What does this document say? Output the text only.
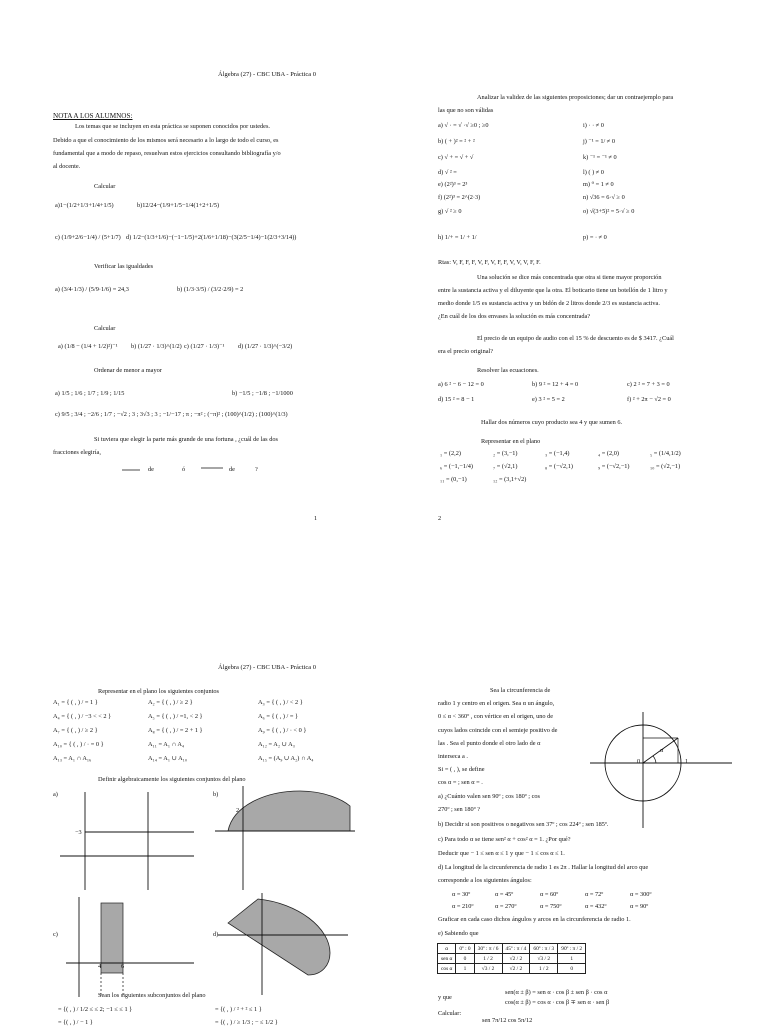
Álgebra (27) - CBC UBA - Práctica 0
NOTA A LOS ALUMNOS:
Los temas que se incluyen en esta práctica se suponen conocidos por ustedes.
Debido a que el conocimiento de los mismos será necesario a lo largo de todo el curso, es
fundamental que a modo de repaso, resuelvan estos ejercicios consultando bibliografía y/o
al docente.
Calcular
a)1−(1/2+1/3+1/4+1/5)	b)12/24−(1/9+1/5−1/4(1+2+1/5)
c) (1/9+2/6−1/4) / (5+1/7) d) 1/2−(1/3+1/6)−(−1−1/5)+2(1/6+1/18)−(3(2/5−1/4)−1(2/3+3/14))
Verificar las igualdades
a) (3/4·1/3) / (5/9·1/6) = 24,3	b) (1/3·3/5) / (3/2·2/9) = 2
Calcular
a) (1/8 − (1/4 + 1/2)²)⁻¹ b) (1/27 · 1/3)^(1/2) c) (1/27 · 1/3)⁻¹ d) (1/27 · 1/3)^(−3/2)
Ordenar de menor a mayor
a) 1/5 ; 1/6 ; 1/7 ; 1/9 ; 1/15	b) −1/5 ; −1/8 ; −1/1000
c) 9/5 ; 3/4 ; −2/6 ; 1/7 ; −√2 ; 3 ; 3√3 ; 3 ; −1/−17 ; π ; −π² ; (−π)² ; (100)^(1/2) ; (100)^(1/3)
Si tuviera que elegir la parte más grande de una fortuna , ¿cuál de las dos
fracciones elegiría,
de	ó	de	?
1
Analizar la validez de las siguientes proposiciones; dar un contraejemplo para
las que no son válidas
a) √ · = √ ·√ ≥0 ; ≥0
b) ( + )² = ² + ²
c) √ + = √ + √
d) √ ² =
e) (2²)³ = 2³
f) (2²)³ = 2^(2·3)
g) √ ² ≥ 0
h) 1/+ = 1/ + 1/
i) · · ≠ 0
j) ⁻¹ = 1/ ≠ 0
k) ⁻¹ = ⁻¹ ≠ 0
l) ( ) ≠ 0
m) ⁰ = 1 ≠ 0
n) √36 = 6·√ ≥ 0
o) √(3+5)² = 5·√ ≥ 0
p) = · ≠ 0
Rtas: V, F, F, F, V, F, V, F, F, V, V, V, F, F.
Una solución se dice más concentrada que otra si tiene mayor proporción
entre la sustancia activa y el diluyente que la otra. El boticario tiene un botellón de 1 litro y
medio donde 1/5 es sustancia activa y un bidón de 2 litros donde 2/3 es sustancia activa.
¿En cuál de los dos envases la solución es más concentrada?
El precio de un equipo de audio con el 15 % de descuento es de $ 3417. ¿Cuál
era el precio original?
Resolver las ecuaciones.
a) 6 ² − 6 − 12 = 0	b) 9 ² = 12 + 4 = 0	c) 2 ² = 7 + 3 = 0
d) 15 ² = 8 − 1	e) 3 ² = 5 = 2	f) ² + 2π − √2 = 0
Hallar dos números cuyo producto sea 4 y que sumen 6.
Representar en el plano
₁ = (2,2)	₂ = (3,−1)	₃ = (−1,4)	₄ = (2,0)	₅ = (1/4,1/2)
₆ = (−1,−1/4)	₇ = (√2,1)	₈ = (−√2,1)	₉ = (−√2,−1)	₁₀ = (√2,−1)
₁₁ = (0,−1)	₁₂ = (3,1+√2)
2
Álgebra (27) - CBC UBA - Práctica 0
Representar en el plano los siguientes conjuntos
A₁ = { ( , ) / = 1 }	A₂ = { ( , ) / ≥ 2 }	A₃ = { ( , ) / < 2 }
A₄ = { ( , ) / −3 < < 2 }	A₅ = { ( , ) / =1, < 2 }	A₆ = { ( , ) / = }
A₇ = { ( , ) / ≥ 2 }	A₈ = { ( , ) / = 2 + 1 }	A₉ = { ( , ) / · < 0 }
A₁₀ = { ( , ) / · = 0 }	A₁₁ = A₁ ∩ A₄	A₁₂ = A₂ ∪ A₃
A₁₃ = A₁ ∩ A₁₆	A₁₄ = A₁ ∪ A₁₀	A₁₅ = (A₉ ∪ A₂) ∩ A₄
Definir algebraicamente los siguientes conjuntos del plano
a)
−3
b)
2
c)
4	6
d)
Sean los siguientes subconjuntos del plano
= {( , ) / 1/2 ≤ ≤ 2; −1 ≤ ≤ 1 }	= {( , ) / ² + ² ≤ 1 }
= {( , ) / − 1 }	= {( , ) / ≥ 1/3 ; − ≤ 1/2 }
Sea la circunferencia de
radio 1 y centro en el origen. Sea α un ángulo,
0 ≤ α < 360º , con vértice en el origen, uno de
cuyos lados coincide con el semieje positivo de
las . Sea el punto donde el otro lado de α
interseca a .
Si = ( , ), se define
cos α = ; sen α = .
a) ¿Cuánto valen sen 90º ; cos 180º ; cos
270º ; sen 180º ?
α
0	1
b) Decidir si son positivos o negativos sen 37º ; cos 224º ; sen 185º.
c) Para todo α se tiene sen² α + cos² α = 1. ¿Por qué?
Deducir que − 1 ≤ sen α ≤ 1 y que − 1 ≤ cos α ≤ 1.
d) La longitud de la circunferencia de radio 1 es 2π . Hallar la longitud del arco que
corresponde a los siguientes ángulos:
α = 30º	α = 45º	α = 60º	α = 72º	α = 300º
α = 210º	α = 270º	α = 750º	α = 432º	α = 90º
Graficar en cada caso dichos ángulos y arcos en la circunferencia de radio 1.
e) Sabiendo que
α	0º : 0	30º : π / 6	45º : π / 4	60º : π / 3	90º : π / 2
sen α	0	1 / 2	√2 / 2	√3 / 2	1
cos α	1	√3 / 2	√2 / 2	1 / 2	0
y que
sen(α ± β) = sen α · cos β ± sen β · cos α
cos(α ± β) = cos α · cos β ∓ sen α · sen β
Calcular:
sen 7π/12 cos 5π/12
